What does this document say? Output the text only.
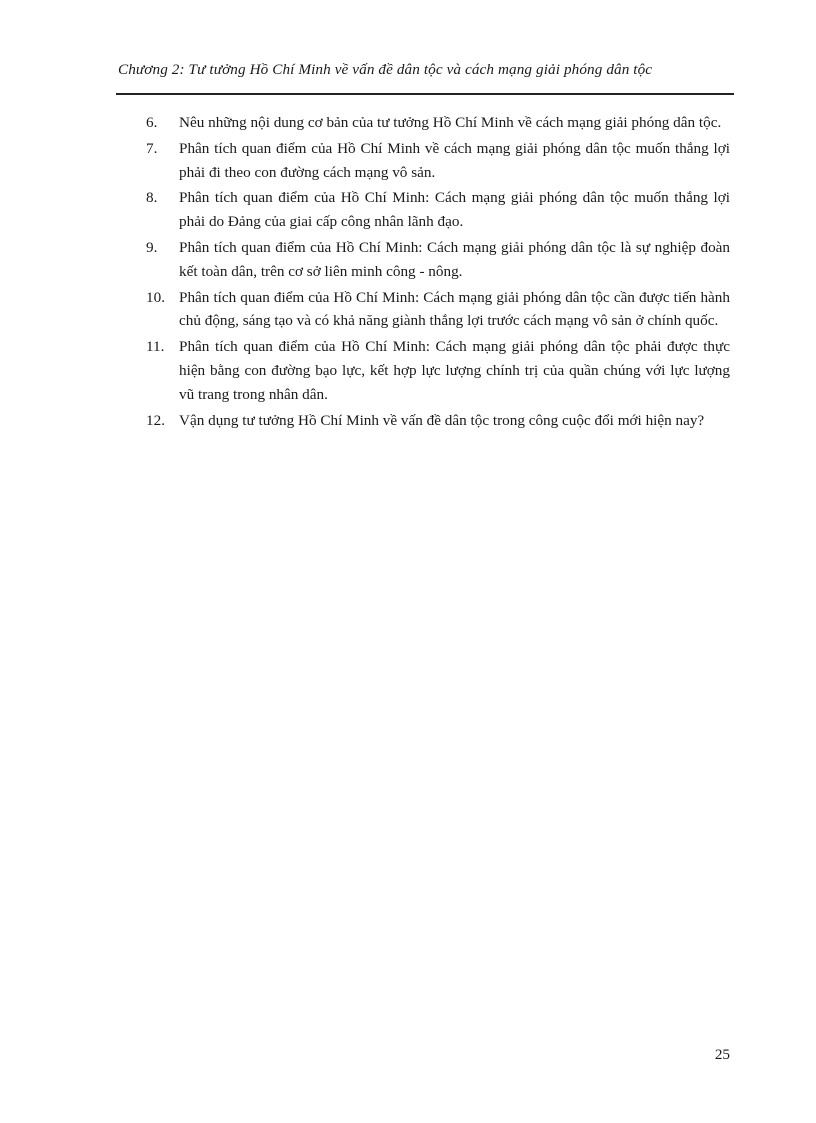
Chương 2: Tư tưởng Hồ Chí Minh về vấn đề dân tộc và cách mạng giải phóng dân tộc
6. Nêu những nội dung cơ bản của tư tưởng Hồ Chí Minh về cách mạng giải phóng dân tộc.
7. Phân tích quan điểm của Hồ Chí Minh về cách mạng giải phóng dân tộc muốn thắng lợi phải đi theo con đường cách mạng vô sản.
8. Phân tích quan điểm của Hồ Chí Minh: Cách mạng giải phóng dân tộc muốn thắng lợi phải do Đảng của giai cấp công nhân lãnh đạo.
9. Phân tích quan điểm của Hồ Chí Minh: Cách mạng giải phóng dân tộc là sự nghiệp đoàn kết toàn dân, trên cơ sở liên minh công - nông.
10. Phân tích quan điểm của Hồ Chí Minh: Cách mạng giải phóng dân tộc cần được tiến hành chủ động, sáng tạo và có khả năng giành thắng lợi trước cách mạng vô sản ở chính quốc.
11. Phân tích quan điểm của Hồ Chí Minh: Cách mạng giải phóng dân tộc phải được thực hiện bằng con đường bạo lực, kết hợp lực lượng chính trị của quần chúng với lực lượng vũ trang trong nhân dân.
12. Vận dụng tư tưởng Hồ Chí Minh về vấn đề dân tộc trong công cuộc đổi mới hiện nay?
25
